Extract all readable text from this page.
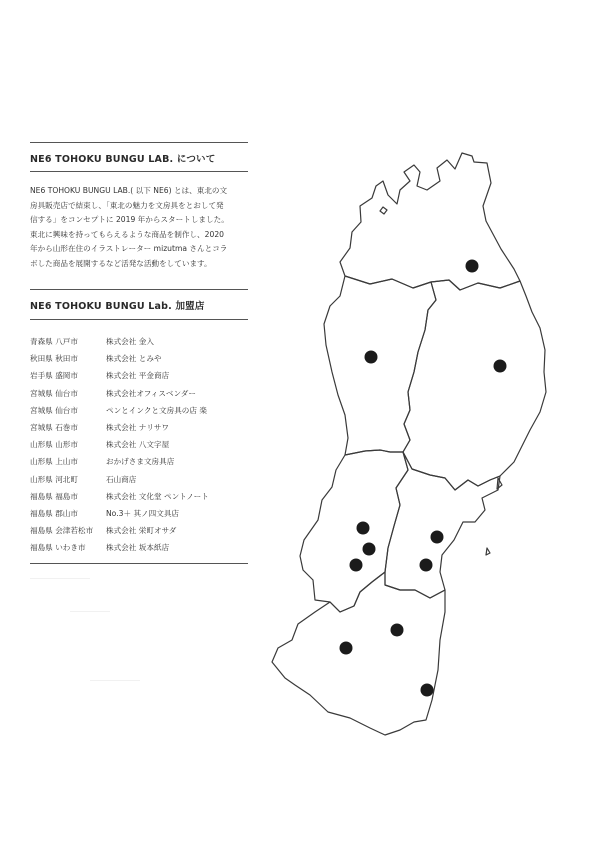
NE6 TOHOKU BUNGU LAB. について
NE6 TOHOKU BUNGU LAB.( 以下 NE6) とは、東北の文
房具販売店で結束し、「東北の魅力を文房具をとおして発
信する」をコンセプトに 2019 年からスタートしました。
東北に興味を持ってもらえるような商品を制作し、2020
年から山形在住のイラストレーター mizutma さんとコラ
ボした商品を展開するなど活発な活動をしています。
NE6 TOHOKU BUNGU Lab. 加盟店
青森県 八戸市	株式会社 金入
秋田県 秋田市	株式会社 とみや
岩手県 盛岡市	株式会社 平金商店
宮城県 仙台市	株式会社オフィスベンダー
宮城県 仙台市	ペンとインクと文房具の店 楽
宮城県 石巻市	株式会社 ナリサワ
山形県 山形市	株式会社 八文字屋
山形県 上山市	おかげさま文房具店
山形県 河北町	石山商店
福島県 福島市	株式会社 文化堂 ペントノート
福島県 郡山市	No.3＋ 其ノ四文具店
福島県 会津若松市 株式会社 栄町オサダ
福島県 いわき市	株式会社 坂本紙店
